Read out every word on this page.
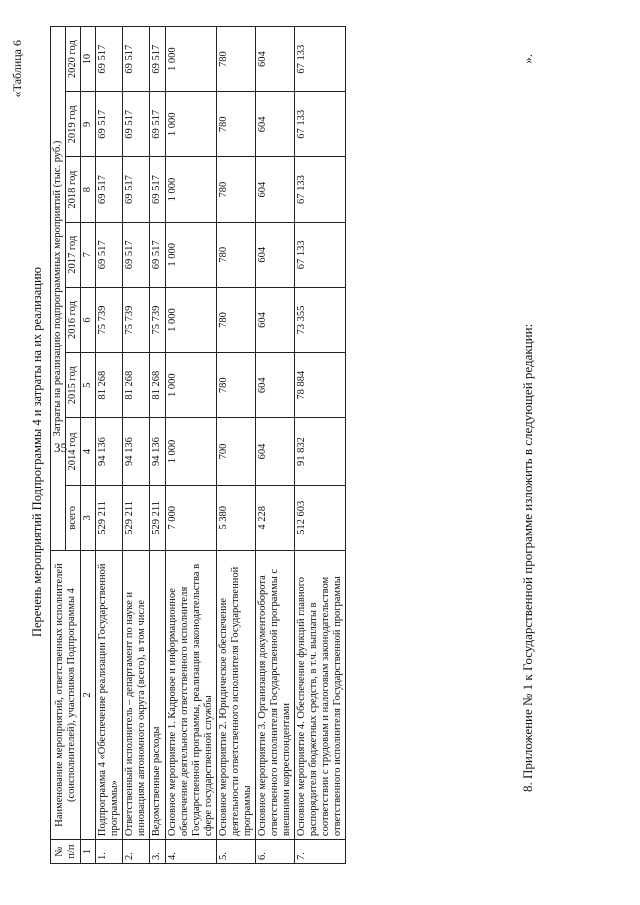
35
«Таблица 6
Перечень мероприятий Подпрограммы 4 и затраты на их реализацию
№ п/п	Наименование мероприятий, ответственных исполнителей (соисполнителей), участников Подпрограммы 4	Затраты на реализацию подпрограммных мероприятий (тыс. руб.)							
		всего	2014 год	2015 год	2016 год	2017 год	2018 год	2019 год	2020 год
1	2	3	4	5	6	7	8	9	10
1.	Подпрограмма 4 «Обеспечение реализации Государственной программы»	529 211	94 136	81 268	75 739	69 517	69 517	69 517	69 517
2.	Ответственный исполнитель – департамент по науке и инновациям автономного округа (всего), в том числе	529 211	94 136	81 268	75 739	69 517	69 517	69 517	69 517
3.	Ведомственные расходы	529 211	94 136	81 268	75 739	69 517	69 517	69 517	69 517
4.	Основное мероприятие 1. Кадровое и информационное обеспечение деятельности ответственного исполнителя Государственной программы, реализация законодательства в сфере государственной службы	7 000	1 000	1 000	1 000	1 000	1 000	1 000	1 000
5.	Основное мероприятие 2. Юридическое обеспечение деятельности ответственного исполнителя Государственной программы	5 380	700	780	780	780	780	780	780
6.	Основное мероприятие 3. Организация документооборота ответственного исполнителя Государственной программы с внешними корреспондентами	4 228	604	604	604	604	604	604	604
7.	Основное мероприятие 4. Обеспечение функций главного распорядителя бюджетных средств, в т.ч. выплаты в соответствии с трудовым и налоговым законодательством ответственного исполнителя Государственной программы	512 603	91 832	78 884	73 355	67 133	67 133	67 133	67 133	».
8. Приложение № 1 к Государственной программе изложить в следующей редакции:
